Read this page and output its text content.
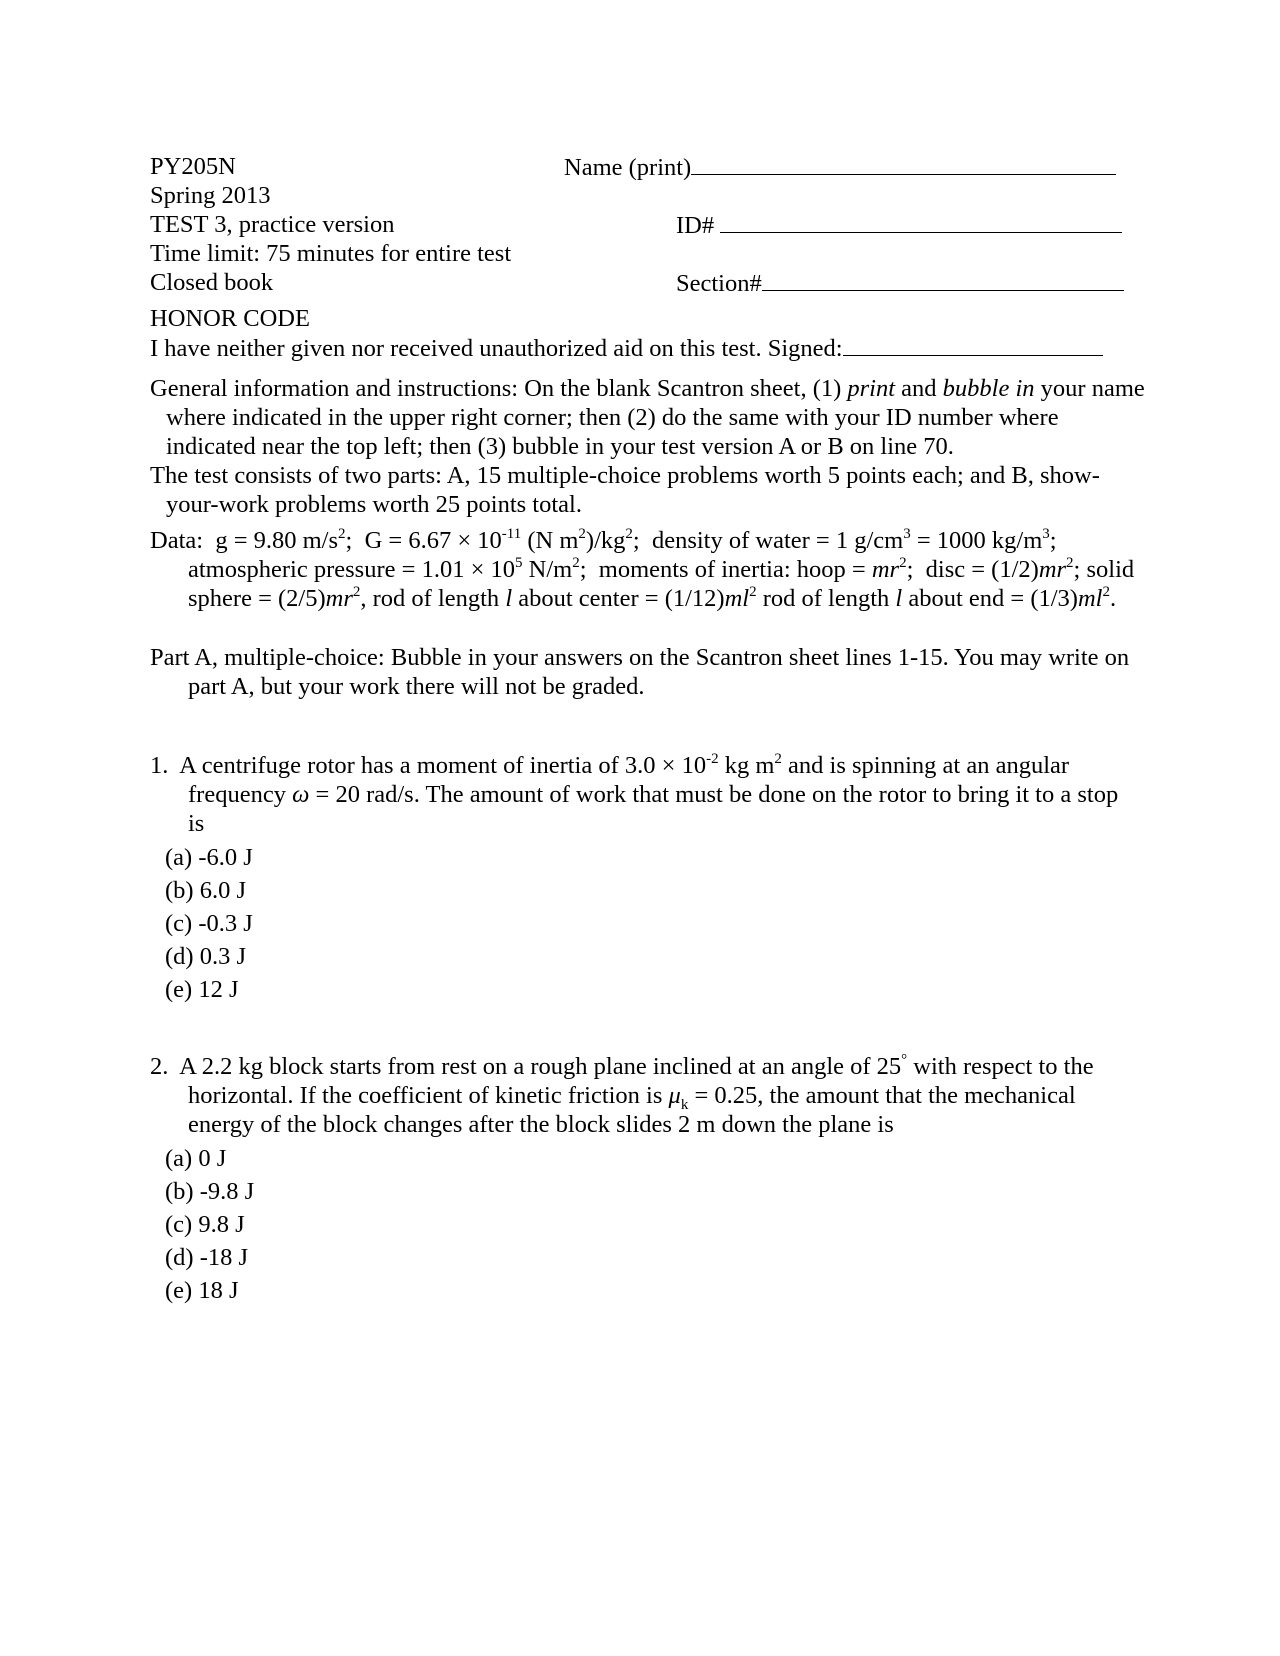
PY205N
Spring 2013
TEST 3, practice version
Time limit: 75 minutes for entire test
Closed book
Name (print)
ID#
Section#
HONOR CODE
I have neither given nor received unauthorized aid on this test. Signed:
General information and instructions: On the blank Scantron sheet, (1) print and bubble in your name where indicated in the upper right corner; then (2) do the same with your ID number where indicated near the top left; then (3) bubble in your test version A or B on line 70.
The test consists of two parts: A, 15 multiple-choice problems worth 5 points each; and B, show-your-work problems worth 25 points total.
Data: g = 9.80 $m/s^2$;  $G = 6.67 \times 10^{-11}$ (N $m^2)/kg^2$;  density of water = 1 $g/cm^3 = 1000$ $kg/m^3$; atmospheric pressure = $1.01 \times 10^5$ $N/m^2$;  moments of inertia: hoop = $mr^2$;  disc = $(1/2)mr^2$; solid sphere = $(2/5)mr^2$, rod of length l about center = $(1/12)ml^2$ rod of length l about end = $(1/3)ml^2$.
Part A, multiple-choice: Bubble in your answers on the Scantron sheet lines 1-15. You may write on part A, but your work there will not be graded.
1. A centrifuge rotor has a moment of inertia of $3.0 \times 10^{-2}$ kg $m^2$ and is spinning at an angular frequency ω = 20 rad/s. The amount of work that must be done on the rotor to bring it to a stop is
(a) -6.0 J
(b) 6.0 J
(c) -0.3 J
(d) 0.3 J
(e) 12 J
2. A 2.2 kg block starts from rest on a rough plane inclined at an angle of 25° with respect to the horizontal. If the coefficient of kinetic friction is $\mu_k = 0.25$, the amount that the mechanical energy of the block changes after the block slides 2 m down the plane is
(a) 0 J
(b) -9.8 J
(c) 9.8 J
(d) -18 J
(e) 18 J
